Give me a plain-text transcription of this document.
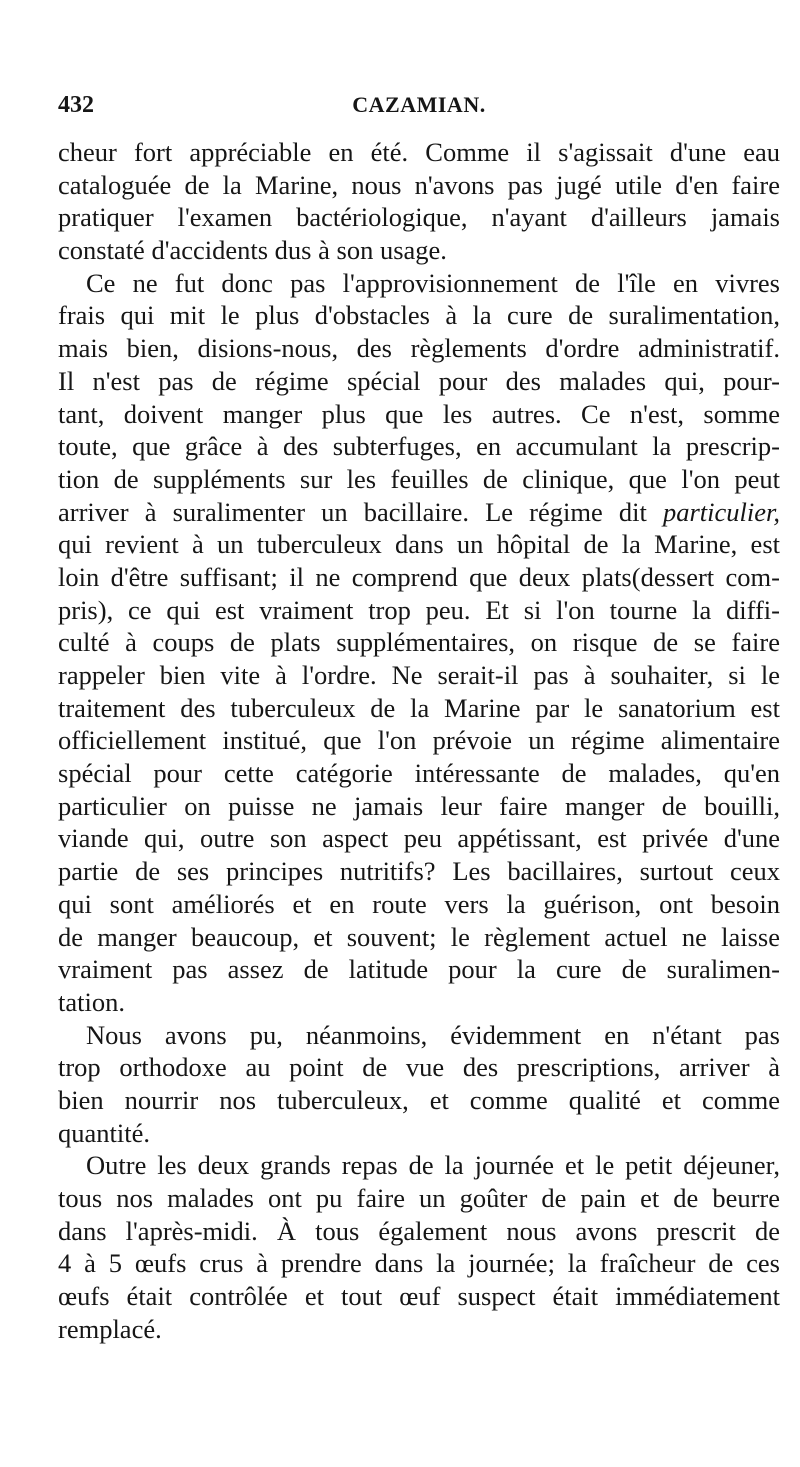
432	CAZAMIAN.
cheur fort appréciable en été. Comme il s'agissait d'une eau
cataloguée de la Marine, nous n'avons pas jugé utile d'en faire
pratiquer l'examen bactériologique, n'ayant d'ailleurs jamais
constaté d'accidents dus à son usage.
Ce ne fut donc pas l'approvisionnement de l'île en vivres
frais qui mit le plus d'obstacles à la cure de suralimentation,
mais bien, disions-nous, des règlements d'ordre administratif.
Il n'est pas de régime spécial pour des malades qui, pour-
tant, doivent manger plus que les autres. Ce n'est, somme
toute, que grâce à des subterfuges, en accumulant la prescrip-
tion de suppléments sur les feuilles de clinique, que l'on peut
arriver à suralimenter un bacillaire. Le régime dit particulier,
qui revient à un tuberculeux dans un hôpital de la Marine, est
loin d'être suffisant; il ne comprend que deux plats(dessert com-
pris), ce qui est vraiment trop peu. Et si l'on tourne la diffi-
culté à coups de plats supplémentaires, on risque de se faire
rappeler bien vite à l'ordre. Ne serait-il pas à souhaiter, si le
traitement des tuberculeux de la Marine par le sanatorium est
officiellement institué, que l'on prévoie un régime alimentaire
spécial pour cette catégorie intéressante de malades, qu'en
particulier on puisse ne jamais leur faire manger de bouilli,
viande qui, outre son aspect peu appétissant, est privée d'une
partie de ses principes nutritifs? Les bacillaires, surtout ceux
qui sont améliorés et en route vers la guérison, ont besoin
de manger beaucoup, et souvent; le règlement actuel ne laisse
vraiment pas assez de latitude pour la cure de suralimen-
tation.
Nous avons pu, néanmoins, évidemment en n'étant pas
trop orthodoxe au point de vue des prescriptions, arriver à
bien nourrir nos tuberculeux, et comme qualité et comme
quantité.
Outre les deux grands repas de la journée et le petit déjeuner,
tous nos malades ont pu faire un goûter de pain et de beurre
dans l'après-midi. À tous également nous avons prescrit de
4 à 5 œufs crus à prendre dans la journée; la fraîcheur de ces
œufs était contrôlée et tout œuf suspect était immédiatement
remplacé.
